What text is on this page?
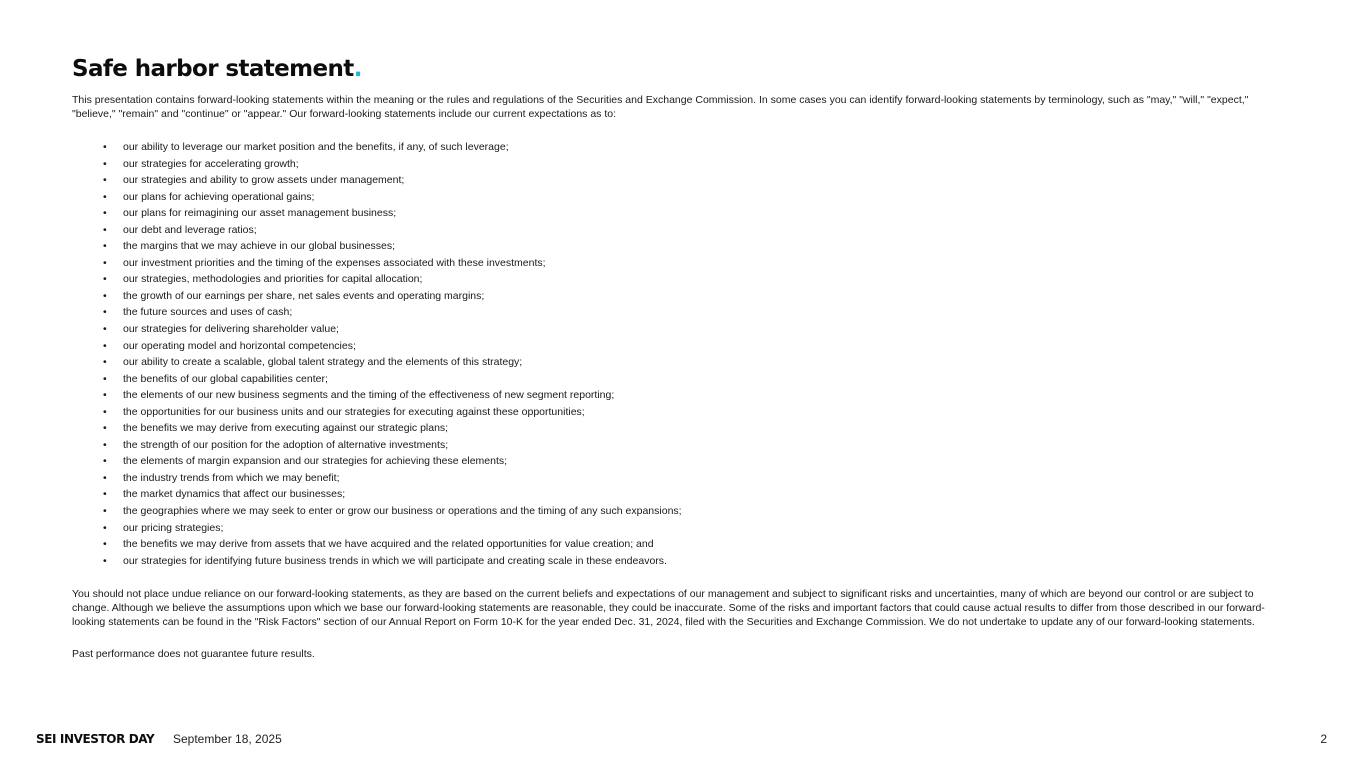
Safe harbor statement.

This presentation contains forward-looking statements within the meaning or the rules and regulations of the Securities and Exchange Commission. In some cases you can identify forward-looking statements by terminology, such as "may," "will," "expect," "believe," "remain" and "continue" or "appear." Our forward-looking statements include our current expectations as to:

• our ability to leverage our market position and the benefits, if any, of such leverage;
• our strategies for accelerating growth;
• our strategies and ability to grow assets under management;
• our plans for achieving operational gains;
• our plans for reimagining our asset management business;
• our debt and leverage ratios;
• the margins that we may achieve in our global businesses;
• our investment priorities and the timing of the expenses associated with these investments;
• our strategies, methodologies and priorities for capital allocation;
• the growth of our earnings per share, net sales events and operating margins;
• the future sources and uses of cash;
• our strategies for delivering shareholder value;
• our operating model and horizontal competencies;
• our ability to create a scalable, global talent strategy and the elements of this strategy;
• the benefits of our global capabilities center;
• the elements of our new business segments and the timing of the effectiveness of new segment reporting;
• the opportunities for our business units and our strategies for executing against these opportunities;
• the benefits we may derive from executing against our strategic plans;
• the strength of our position for the adoption of alternative investments;
• the elements of margin expansion and our strategies for achieving these elements;
• the industry trends from which we may benefit;
• the market dynamics that affect our businesses;
• the geographies where we may seek to enter or grow our business or operations and the timing of any such expansions;
• our pricing strategies;
• the benefits we may derive from assets that we have acquired and the related opportunities for value creation; and
• our strategies for identifying future business trends in which we will participate and creating scale in these endeavors.

You should not place undue reliance on our forward-looking statements, as they are based on the current beliefs and expectations of our management and subject to significant risks and uncertainties, many of which are beyond our control or are subject to change. Although we believe the assumptions upon which we base our forward-looking statements are reasonable, they could be inaccurate. Some of the risks and important factors that could cause actual results to differ from those described in our forward-looking statements can be found in the "Risk Factors" section of our Annual Report on Form 10-K for the year ended Dec. 31, 2024, filed with the Securities and Exchange Commission. We do not undertake to update any of our forward-looking statements.

Past performance does not guarantee future results.

SEI INVESTOR DAY September 18, 2025	2
